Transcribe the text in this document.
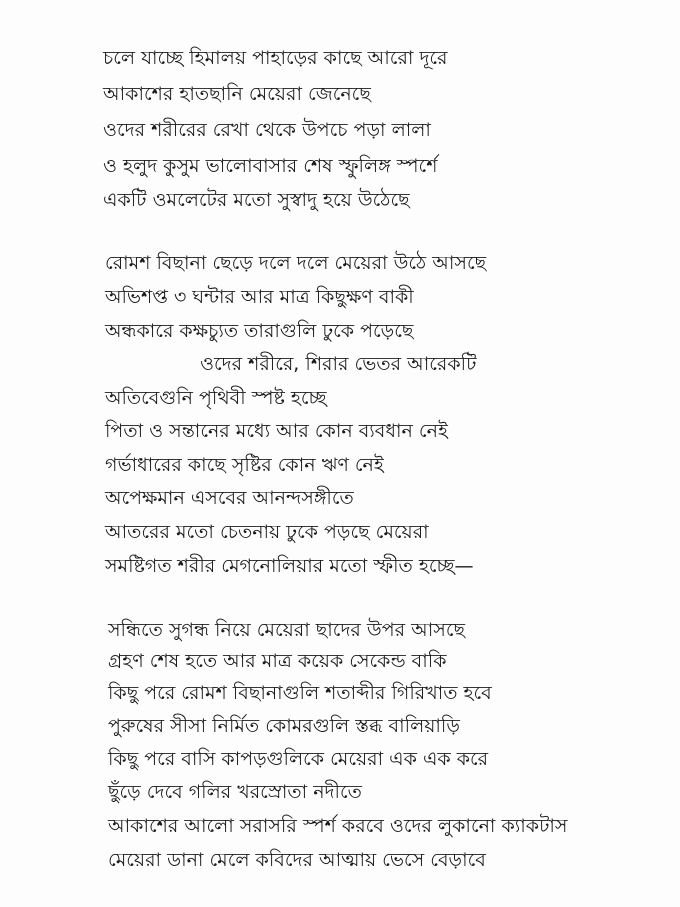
চলে যাচ্ছে হিমালয় পাহাড়ের কাছে আরো দূরে
আকাশের হাতছানি মেয়েরা জেনেছে
ওদের শরীরের রেখা থেকে উপচে পড়া লালা
ও হলুদ কুসুম ভালোবাসার শেষ স্ফুলিঙ্গ স্পর্শে
একটি ওমলেটের মতো সুস্বাদু হয়ে উঠেছে
রোমশ বিছানা ছেড়ে দলে দলে মেয়েরা উঠে আসছে
অভিশপ্ত ৩ ঘন্টার আর মাত্র কিছুক্ষণ বাকী
অন্ধকারে কক্ষচ্যুত তারাগুলি ঢুকে পড়েছে
ওদের শরীরে, শিরার ভেতর আরেকটি
অতিবেগুনি পৃথিবী স্পষ্ট হচ্ছে
পিতা ও সন্তানের মধ্যে আর কোন ব্যবধান নেই
গর্ভাধারের কাছে সৃষ্টির কোন ঋণ নেই
অপেক্ষমান এসবের আনন্দসঙ্গীতে
আতরের মতো চেতনায় ঢুকে পড়ছে মেয়েরা
সমষ্টিগত শরীর মেগনোলিয়ার মতো স্ফীত হচ্ছে—
সন্ধিতে সুগন্ধ নিয়ে মেয়েরা ছাদের উপর আসছে
গ্রহণ শেষ হতে আর মাত্র কয়েক সেকেন্ড বাকি
কিছু পরে রোমশ বিছানাগুলি শতাব্দীর গিরিখাত হবে
পুরুষের সীসা নির্মিত কোমরগুলি স্তব্ধ বালিয়াড়ি
কিছু পরে বাসি কাপড়গুলিকে মেয়েরা এক এক করে
ছুঁড়ে দেবে গলির খরস্রোতা নদীতে
আকাশের আলো সরাসরি স্পর্শ করবে ওদের লুকানো ক্যাকটাস
মেয়েরা ডানা মেলে কবিদের আত্মায় ভেসে বেড়াবে
